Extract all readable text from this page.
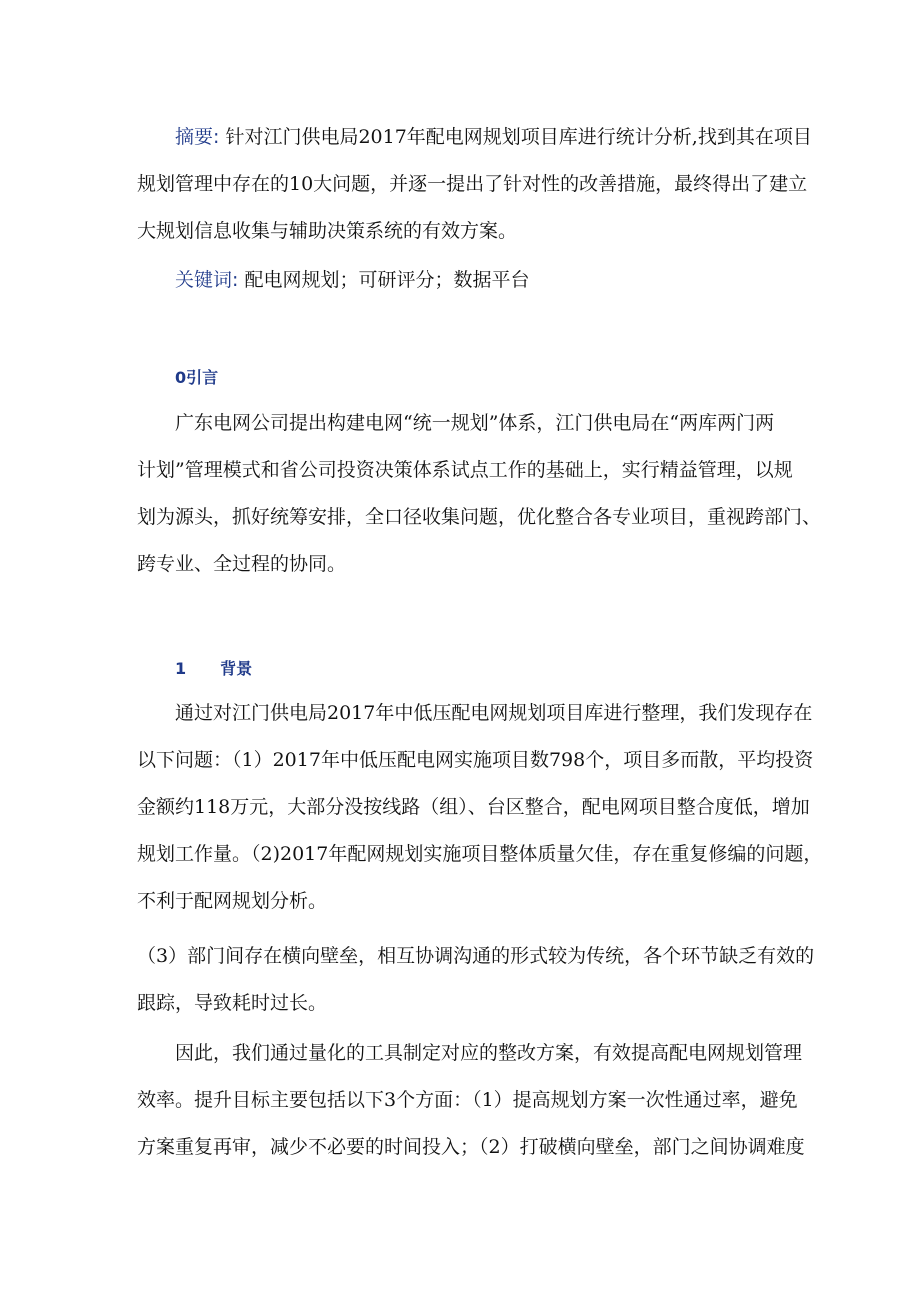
摘要: 针对江门供电局2017年配电网规划项目库进行统计分析,找到其在项目
规划管理中存在的10大问题，并逐一提出了针对性的改善措施，最终得出了建立
大规划信息收集与辅助决策系统的有效方案。

关键词: 配电网规划；可研评分；数据平台

0引言

广东电网公司提出构建电网“统一规划”体系，江门供电局在“两库两门两
计划”管理模式和省公司投资决策体系试点工作的基础上，实行精益管理，以规
划为源头，抓好统筹安排，全口径收集问题，优化整合各专业项目，重视跨部门、
跨专业、全过程的协同。

1 背景

通过对江门供电局2017年中低压配电网规划项目库进行整理，我们发现存在
以下问题：（1）2017年中低压配电网实施项目数798个，项目多而散，平均投资
金额约118万元，大部分没按线路（组）、台区整合，配电网项目整合度低，增加
规划工作量。（2)2017年配网规划实施项目整体质量欠佳，存在重复修编的问题，
不利于配网规划分析。

（3）部门间存在横向壁垒，相互协调沟通的形式较为传统，各个环节缺乏有效的
跟踪，导致耗时过长。

因此，我们通过量化的工具制定对应的整改方案，有效提高配电网规划管理
效率。提升目标主要包括以下3个方面：（1）提高规划方案一次性通过率，避免
方案重复再审，减少不必要的时间投入；（2）打破横向壁垒，部门之间协调难度
